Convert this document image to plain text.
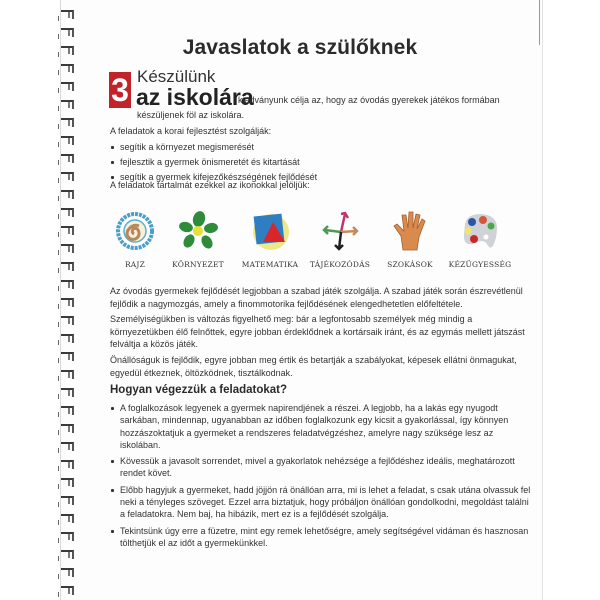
Javaslatok a szülőknek
3 Készülünk
az iskolára
kiadványunk célja az, hogy az óvodás gyerekek játékos formában
készüljenek föl az iskolára.
A feladatok a korai fejlesztést szolgálják:
segítik a környezet megismerését
fejlesztik a gyermek önismeretét és kitartását
segítik a gyermek kifejezőkészségének fejlődését
A feladatok tartalmát ezekkel az ikonokkal jelöljük:
RAJZ	KÖRNYEZET	MATEMATIKA	TÁJÉKOZÓDÁS	SZOKÁSOK	KÉZÜGYESSÉG

Az óvodás gyermekek fejlődését legjobban a szabad játék szolgálja. A szabad játék során észrevétlenül fejlődik a nagymozgás, amely a finommotorika fejlődésének elengedhetetlen előfeltétele.

Személyiségükben is változás figyelhető meg: bár a legfontosabb személyek még mindig a környezetükben élő felnőttek, egyre jobban érdeklődnek a kortársaik iránt, és az egymás mellett játszást felváltja a közös játék.

Önállóságuk is fejlődik, egyre jobban meg értik és betartják a szabályokat, képesek ellátni önmagukat, egyedül étkeznek, öltözködnek, tisztálkodnak.

Hogyan végezzük a feladatokat?
A foglalkozások legyenek a gyermek napirendjének a részei. A legjobb, ha a lakás egy nyugodt sarkában, mindennap, ugyanabban az időben foglalkozunk egy kicsit a gyakorlással, így könnyen hozzászoktatjuk a gyermeket a rendszeres feladatvégzéshez, amelyre nagy szüksége lesz az iskolában.
Kövessük a javasolt sorrendet, mivel a gyakorlatok nehézsége a fejlődéshez ideális, meghatározott rendet követ.
Előbb hagyjuk a gyermeket, hadd jöjjön rá önállóan arra, mi is lehet a feladat, s csak utána olvassuk fel neki a tényleges szöveget. Ezzel arra biztatjuk, hogy próbáljon önállóan gondolkodni, megoldást találni a feladatokra. Nem baj, ha hibázik, mert ez is a fejlődését szolgálja.
Tekintsünk úgy erre a füzetre, mint egy remek lehetőségre, amely segítségével vidáman és hasznosan tölthetjük el az időt a gyermekünkkel.
